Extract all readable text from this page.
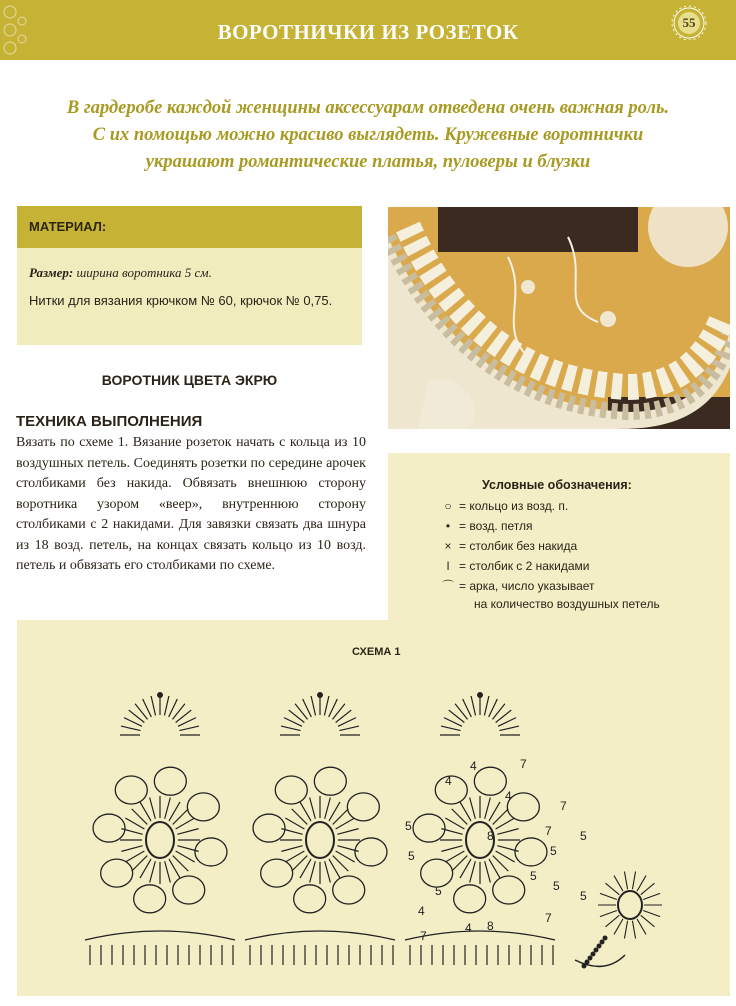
ВОРОТНИЧКИ ИЗ РОЗЕТОК	55
В гардеробе каждой женщины аксессуарам отведена очень важная роль.
С их помощью можно красиво выглядеть. Кружевные воротнички
украшают романтические платья, пуловеры и блузки
МАТЕРИАЛ:
Размер: ширина воротника 5 см.
Нитки для вязания крючком № 60, крючок № 0,75.
ВОРОТНИК ЦВЕТА ЭКРЮ
ТЕХНИКА ВЫПОЛНЕНИЯ
Вязать по схеме 1. Вязание розеток начать с кольца из 10 воздушных петель. Соединять розетки по середине арочек столбиками без накида. Обвязать внешнюю сторону воротника узором «веер», внутреннюю сторону столбиками с 2 накидами. Для завязки связать два шнура из 18 возд. петель, на концах связать кольцо из 10 возд. петель и обвязать его столбиками по схеме.
Условные обозначения:
○ = кольцо из возд. п.
• = возд. петля
× = столбик без накида
ǀ = столбик с 2 накидами
⌒ = арка, число указывает
на количество воздушных петель
СХЕМА 1
4
4	7
4
8	7
5
5
5
5
8
7
5
5
4
4
7
7
5
5
